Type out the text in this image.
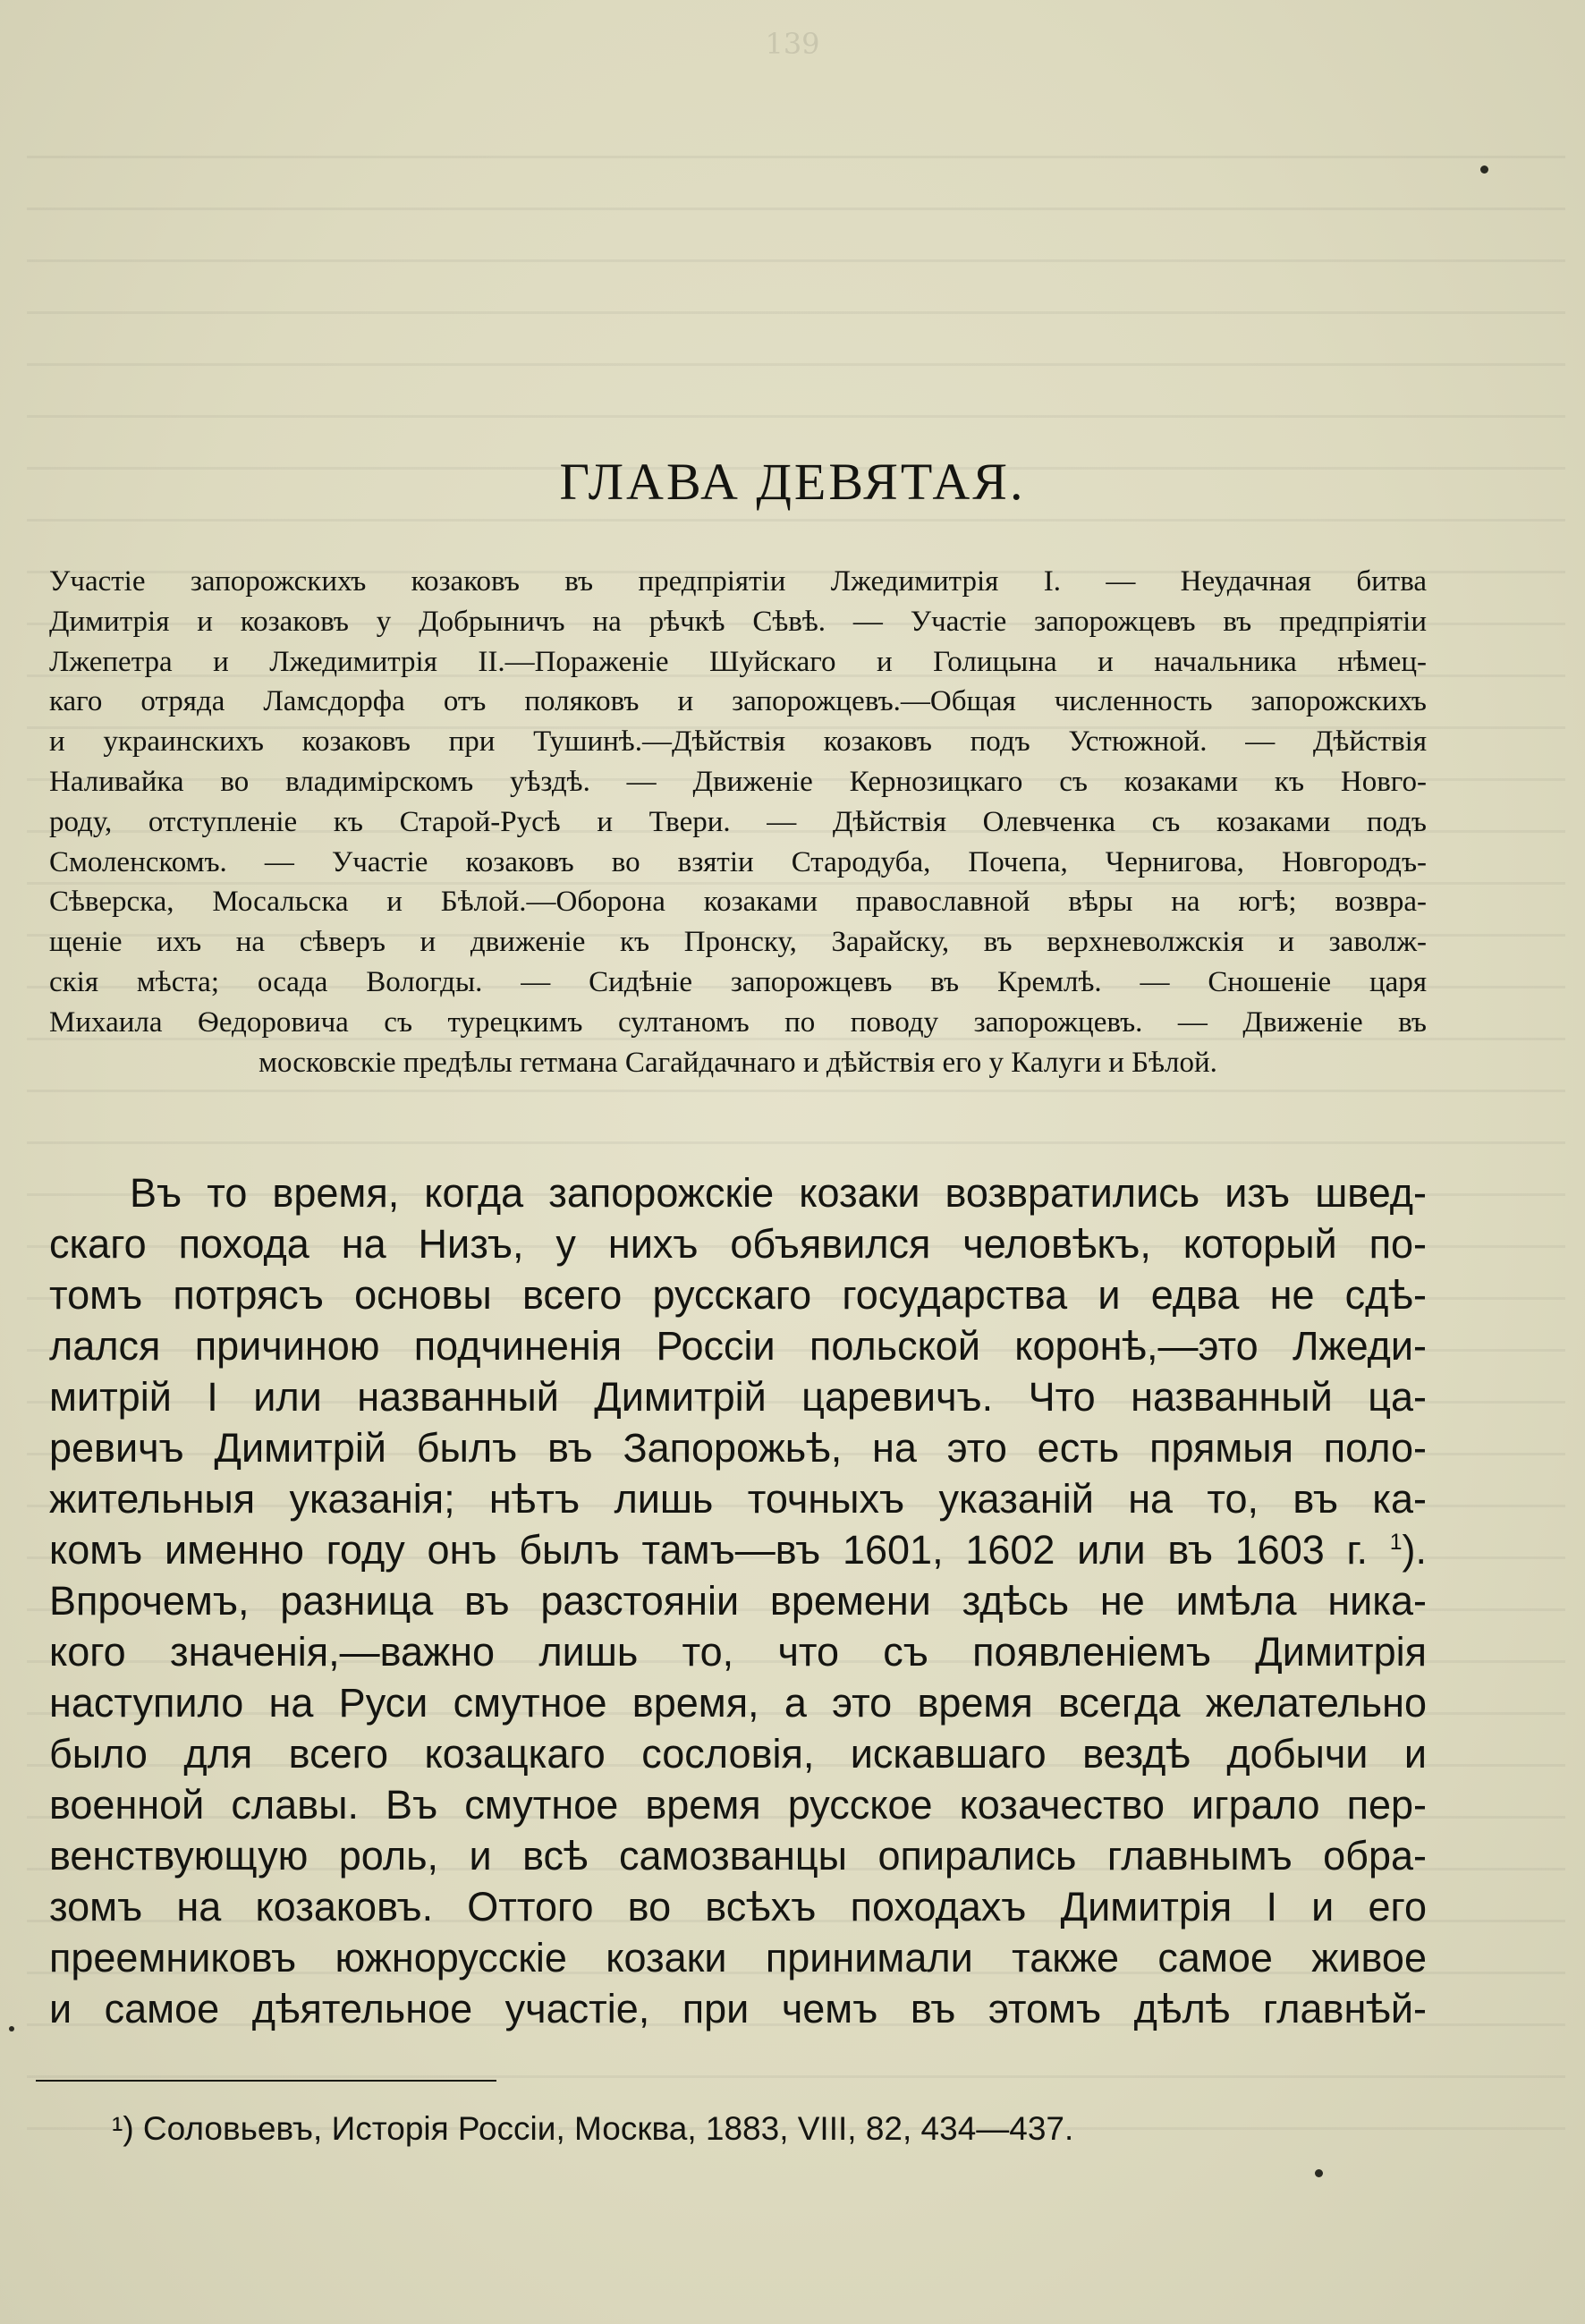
139
ГЛАВА ДЕВЯТАЯ.
Участіе запорожскихъ козаковъ въ предпріятіи Лжедимитрія I. — Неудачная битва
Димитрія и козаковъ у Добрыничъ на рѣчкѣ Сѣвѣ. — Участіе запорожцевъ въ предпріятіи
Лжепетра и Лжедимитрія II.—Пораженіе Шуйскаго и Голицына и начальника нѣмец-
каго отряда Ламсдорфа отъ поляковъ и запорожцевъ.—Общая численность запорожскихъ
и украинскихъ козаковъ при Тушинѣ.—Дѣйствія козаковъ подъ Устюжной. — Дѣйствія
Наливайка во владимірскомъ уѣздѣ. — Движеніе Кернозицкаго съ козаками къ Новго-
роду, отступленіе къ Старой-Русѣ и Твери. — Дѣйствія Олевченка съ козаками подъ
Смоленскомъ. — Участіе козаковъ во взятіи Стародуба, Почепа, Чернигова, Новгородъ-
Сѣверска, Мосальска и Бѣлой.—Оборона козаками православной вѣры на югѣ; возвра-
щеніе ихъ на сѣверъ и движеніе къ Пронску, Зарайску, въ верхневолжскія и заволж-
скія мѣста; осада Вологды. — Сидѣніе запорожцевъ въ Кремлѣ. — Сношеніе царя
Михаила Ѳедоровича съ турецкимъ султаномъ по поводу запорожцевъ. — Движеніе въ
московскіе предѣлы гетмана Сагайдачнаго и дѣйствія его у Калуги и Бѣлой.
Въ то время, когда запорожскіе козаки возвратились изъ швед-
скаго похода на Низъ, у нихъ объявился человѣкъ, который по-
томъ потрясъ основы всего русскаго государства и едва не сдѣ-
лался причиною подчиненія Россіи польской коронѣ,—это Лжеди-
митрій I или названный Димитрій царевичъ. Что названный ца-
ревичъ Димитрій былъ въ Запорожьѣ, на это есть прямыя поло-
жительныя указанія; нѣтъ лишь точныхъ указаній на то, въ ка-
комъ именно году онъ былъ тамъ—въ 1601, 1602 или въ 1603 г. $^1$).
Впрочемъ, разница въ разстояніи времени здѣсь не имѣла ника-
кого значенія,—важно лишь то, что съ появленіемъ Димитрія
наступило на Руси смутное время, а это время всегда желательно
было для всего козацкаго сословія, искавшаго вездѣ добычи и
военной славы. Въ смутное время русское козачество играло пер-
венствующую роль, и всѣ самозванцы опирались главнымъ обра-
зомъ на козаковъ. Оттого во всѣхъ походахъ Димитрія I и его
преемниковъ южнорусскіе козаки принимали также самое живое
и самое дѣятельное участіе, при чемъ въ этомъ дѣлѣ главнѣй-

¹) Соловьевъ, Исторія Россіи, Москва, 1883, VIII, 82, 434—437.
